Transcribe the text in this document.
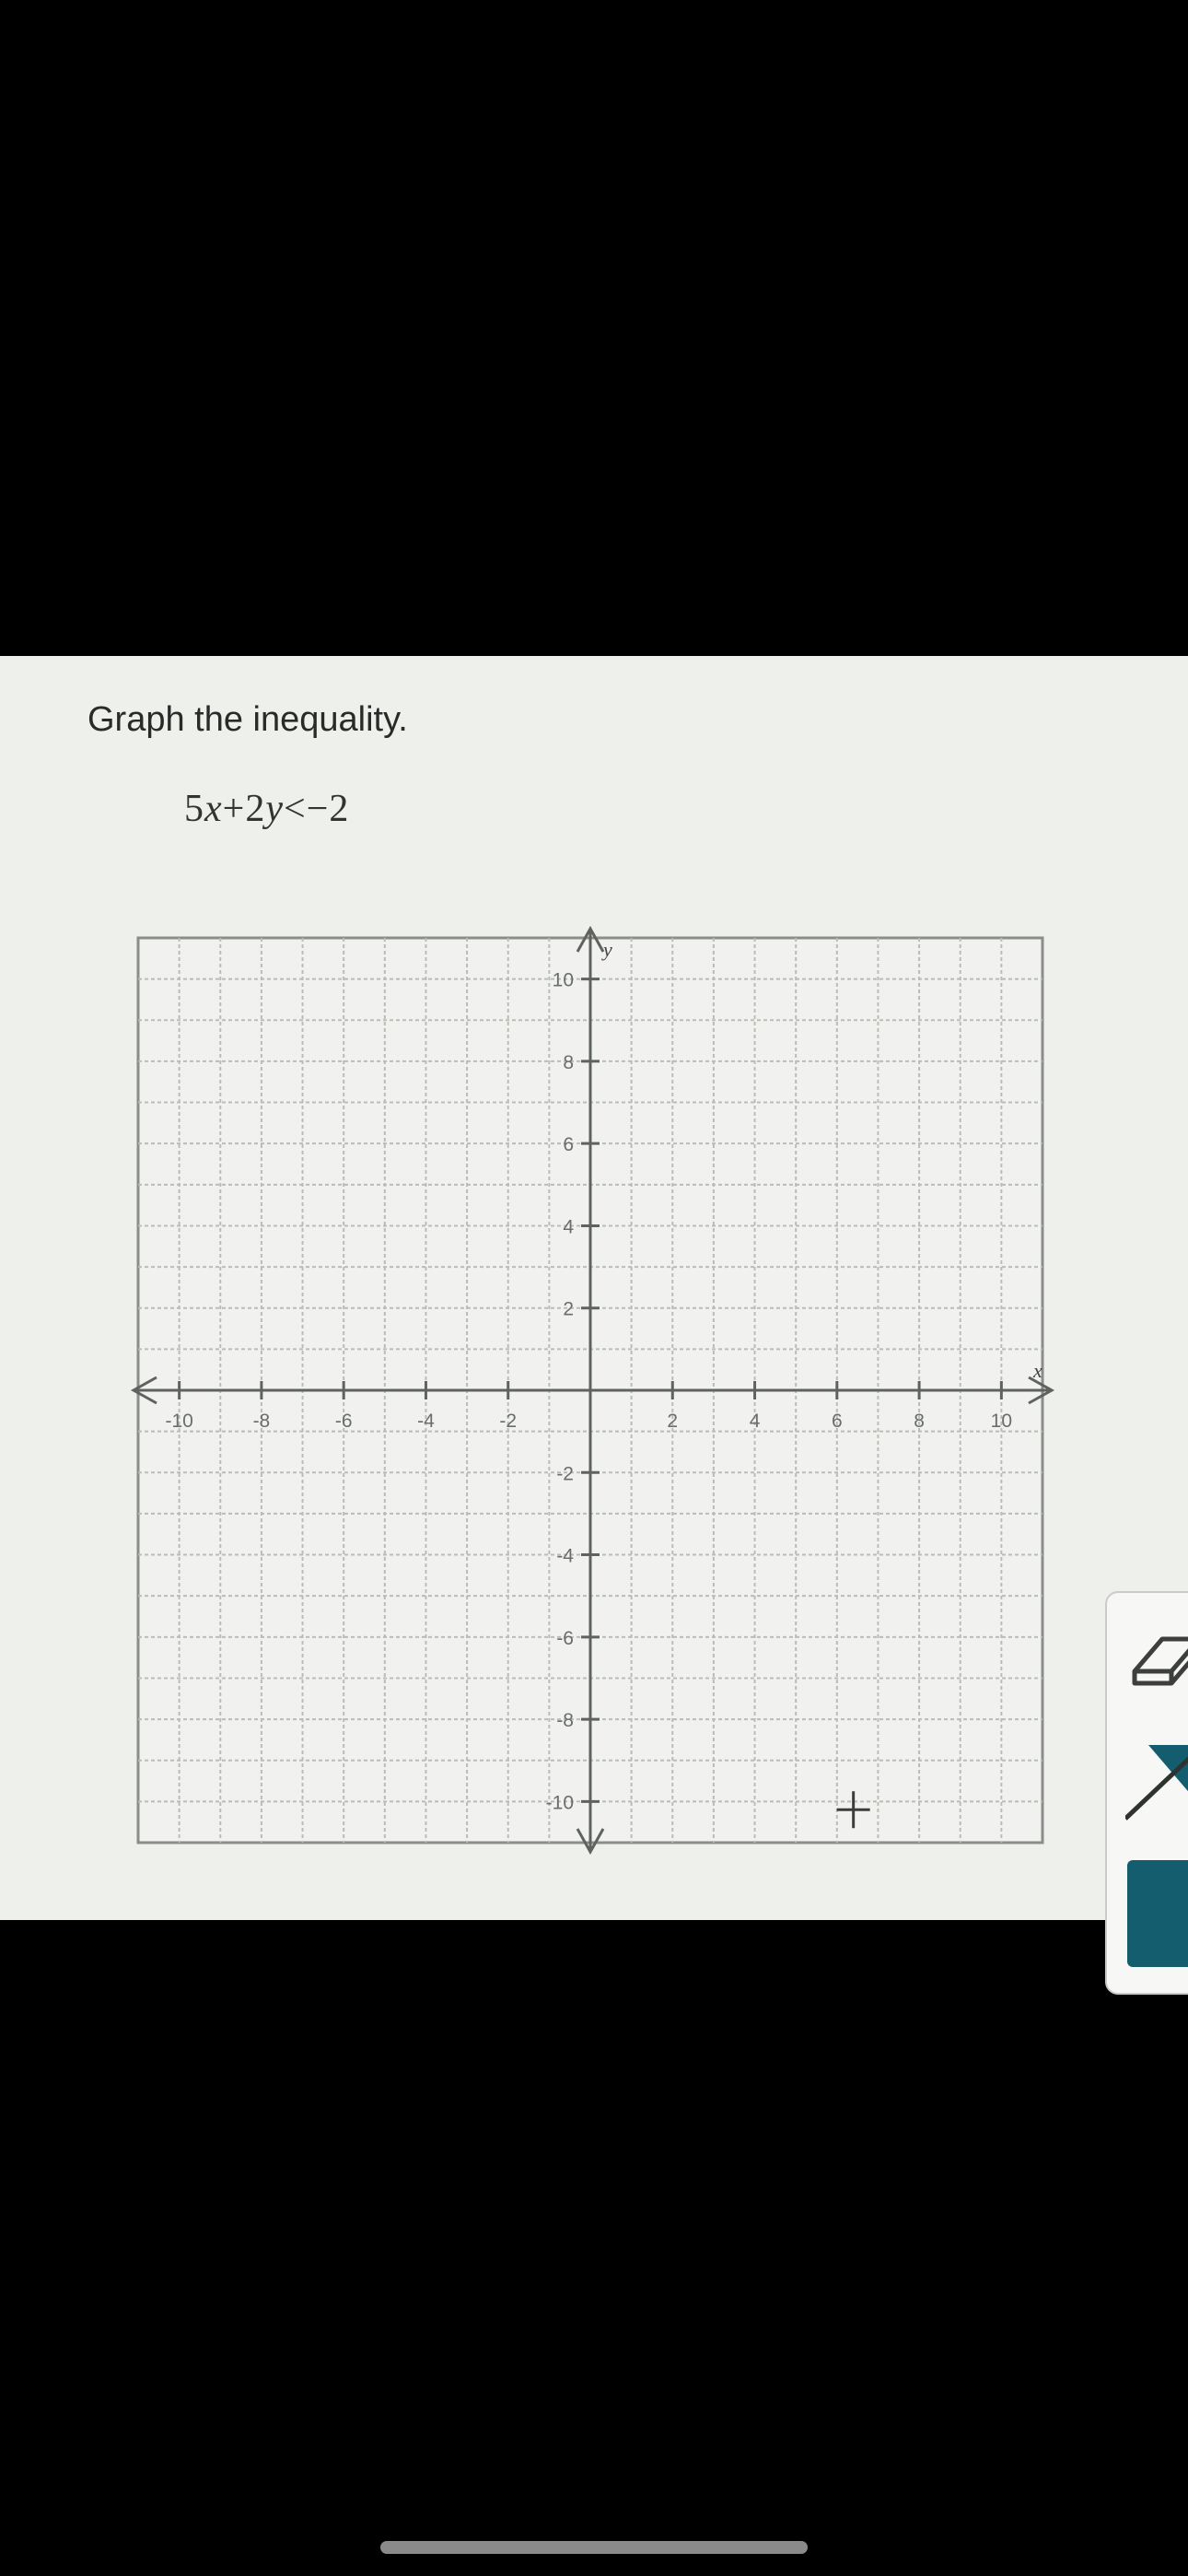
Graph the inequality.
5x+2y<−2
x
y
-10	-8	-6	-4	-2	2	4	6	8	10
10
8
6
4
2
-2
-4
-6
-8
-10
